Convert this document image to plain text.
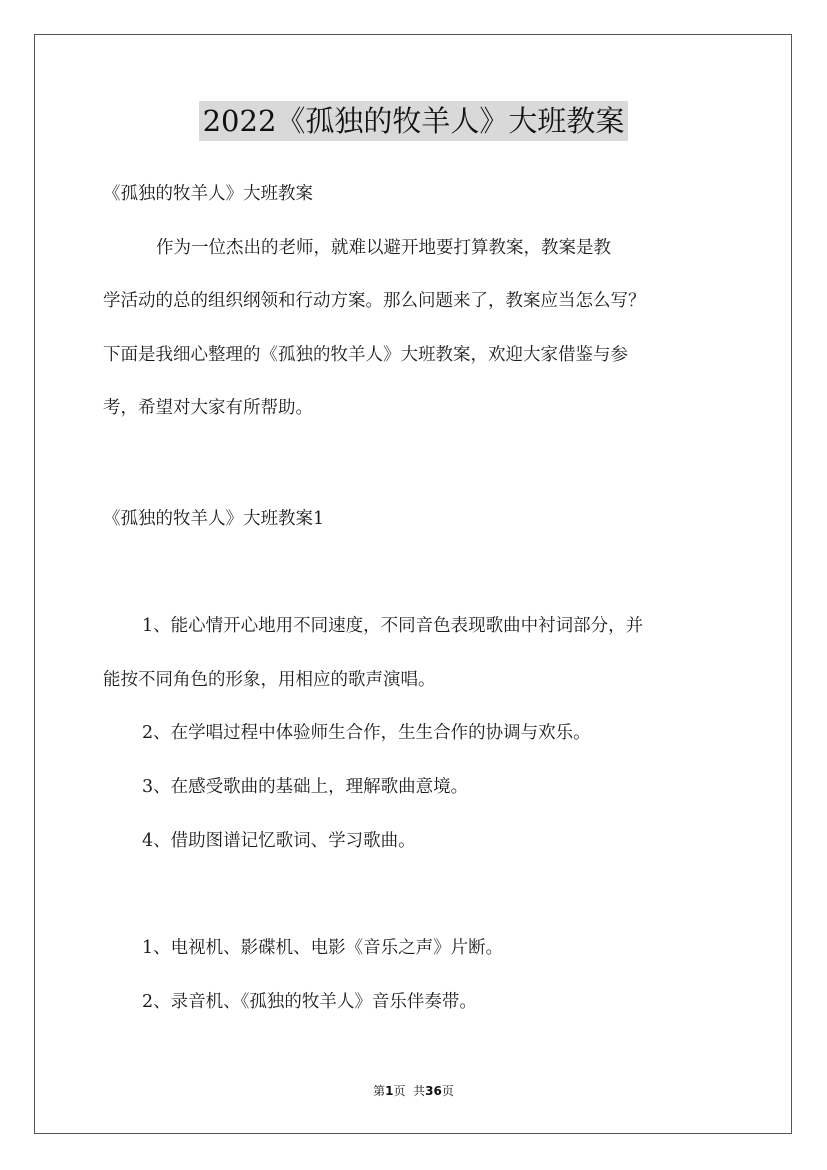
2022《孤独的牧羊人》大班教案
《孤独的牧羊人》大班教案
作为一位杰出的老师，就难以避开地要打算教案，教案是教
学活动的总的组织纲领和行动方案。那么问题来了，教案应当怎么写？
下面是我细心整理的《孤独的牧羊人》大班教案，欢迎大家借鉴与参
考，希望对大家有所帮助。
《孤独的牧羊人》大班教案1
1、能心情开心地用不同速度，不同音色表现歌曲中衬词部分，并
能按不同角色的形象，用相应的歌声演唱。
2、在学唱过程中体验师生合作，生生合作的协调与欢乐。
3、在感受歌曲的基础上，理解歌曲意境。
4、借助图谱记忆歌词、学习歌曲。
1、电视机、影碟机、电影《音乐之声》片断。
2、录音机、《孤独的牧羊人》音乐伴奏带。
第1页  共36页
